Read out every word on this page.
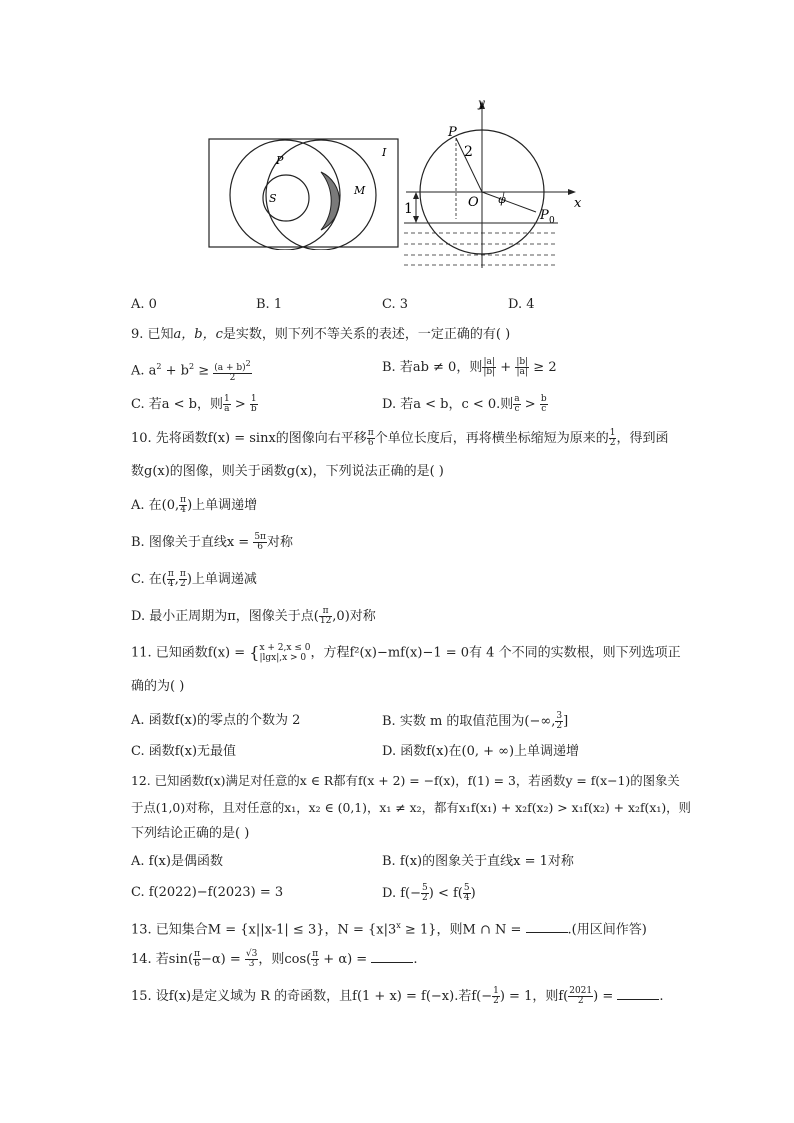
P
I
M
S
y
x
P
P 0
O φ
2
1
A. 0	B. 1	C. 3	D. 4
9. 已知a，b，c是实数，则下列不等关系的表述，一定正确的有( )
A. $a^2 + b^2 \ge \frac{(a + b)^2}{2}$	B. 若ab ≠ 0，则 $\frac{|a|}{|b|} + \frac{|b|}{|a|} \ge 2$
C. 若a < b，则 $\frac{1}{a} > \frac{1}{b}$	D. 若a < b，c < 0.则 $\frac{a}{c} > \frac{b}{c}$
10. 先将函数f(x) = sinx的图像向右平移 $\frac{\pi}{6}$ 个单位长度后，再将横坐标缩短为原来的 $\frac{1}{2}$ ，得到函
数g(x)的图像，则关于函数g(x)，下列说法正确的是( )
A. 在(0, $\frac{\pi}{4}$ )上单调递增
B. 图像关于直线$x = \frac{5\pi}{6}$ 对称
C. 在( $\frac{\pi}{4}$ , $\frac{\pi}{2}$ )上单调递减
D. 最小正周期为π，图像关于点( $\frac{\pi}{12} ,0$)对称
11. 已知函数f(x) = { x + 2,x ≤ 0
|lgx|,x > 0 ，方程f²(x)−mf(x)−1 = 0有 4 个不同的实数根，则下列选项正
确的为( )
A. 函数f(x)的零点的个数为 2	B. 实数 m 的取值范围为(−∞, $\frac{3}{2}$ ]
C. 函数f(x)无最值	D. 函数f(x)在(0, + ∞)上单调递增
12. 已知函数f(x)满足对任意的x ∈ R都有f(x + 2) = −f(x)，f(1) = 3，若函数y = f(x−1)的图象关
于点(1,0)对称，且对任意的x₁，x₂ ∈ (0,1)，x₁ ≠ x₂，都有x₁f(x₁) + x₂f(x₂) > x₁f(x₂) + x₂f(x₁)，则
下列结论正确的是( )
A. f(x)是偶函数	B. f(x)的图象关于直线x = 1对称
C. f(2022)−f(2023) = 3	D. $f(- \frac{5}{2}$ ) < $f( \frac{5}{4}$ )
13. 已知集合M = {x||x-1| ≤ 3}，$N = \{x|3^x \ge 1\}$，则M ∩ N =	.(用区间作答)
14. 若$\sin( \frac{\pi}{6} -\alpha) = \frac{√3}{3}$ ，则$\cos( \frac{\pi}{3} + \alpha)$ =	.
15. 设f(x)是定义域为 R 的奇函数，且f(1 + x) = f(−x).若$f(- \frac{1}{2}$ ) = 1，则$f( \frac{2021}{2}$ ) =	.
